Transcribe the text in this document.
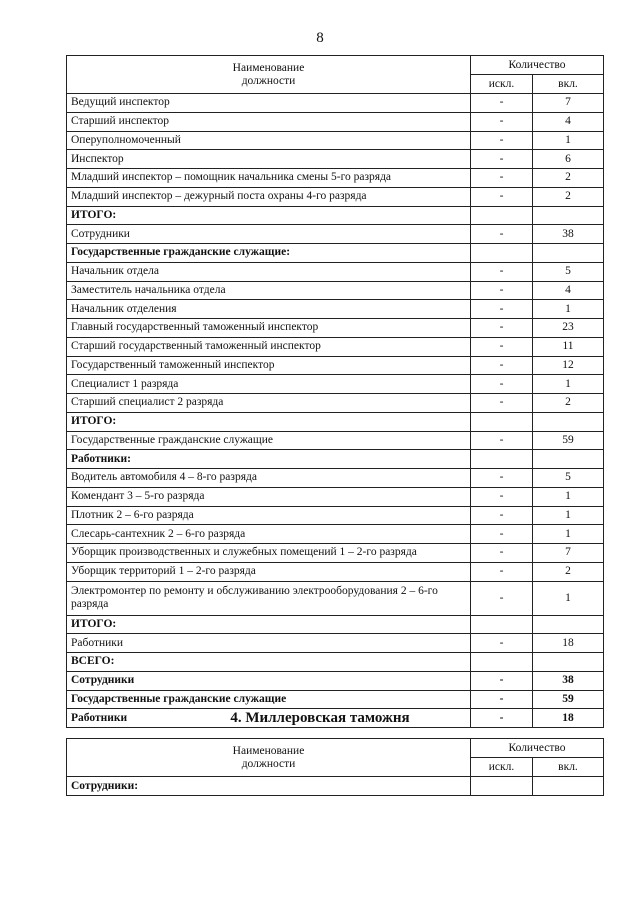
8
Наименование
должности	Количество	
	искл.	вкл.
Ведущий инспектор	-	7
Старший инспектор	-	4
Оперуполномоченный	-	1
Инспектор	-	6
Младший инспектор – помощник начальника смены 5-го разряда	-	2
Младший инспектор – дежурный поста охраны 4-го разряда	-	2
ИТОГО:		
Сотрудники	-	38
Государственные гражданские служащие:		
Начальник отдела	-	5
Заместитель начальника отдела	-	4
Начальник отделения	-	1
Главный государственный таможенный инспектор	-	23
Старший государственный таможенный инспектор	-	11
Государственный таможенный инспектор	-	12
Специалист 1 разряда	-	1
Старший специалист 2 разряда	-	2
ИТОГО:		
Государственные гражданские служащие	-	59
Работники:		
Водитель автомобиля 4 – 8-го разряда	-	5
Комендант 3 – 5-го разряда	-	1
Плотник 2 – 6-го разряда	-	1
Слесарь-сантехник 2 – 6-го разряда	-	1
Уборщик производственных и служебных помещений 1 – 2-го разряда	-	7
Уборщик территорий 1 – 2-го разряда	-	2
Электромонтер по ремонту и обслуживанию электрооборудования 2 – 6-го разряда	-	1
ИТОГО:		
Работники	-	18
ВСЕГО:		
Сотрудники	-	38
Государственные гражданские служащие	-	59
Работники	-	18
4. Миллеровская таможня
Наименование
должности	Количество	
	искл.	вкл.
Сотрудники:		
